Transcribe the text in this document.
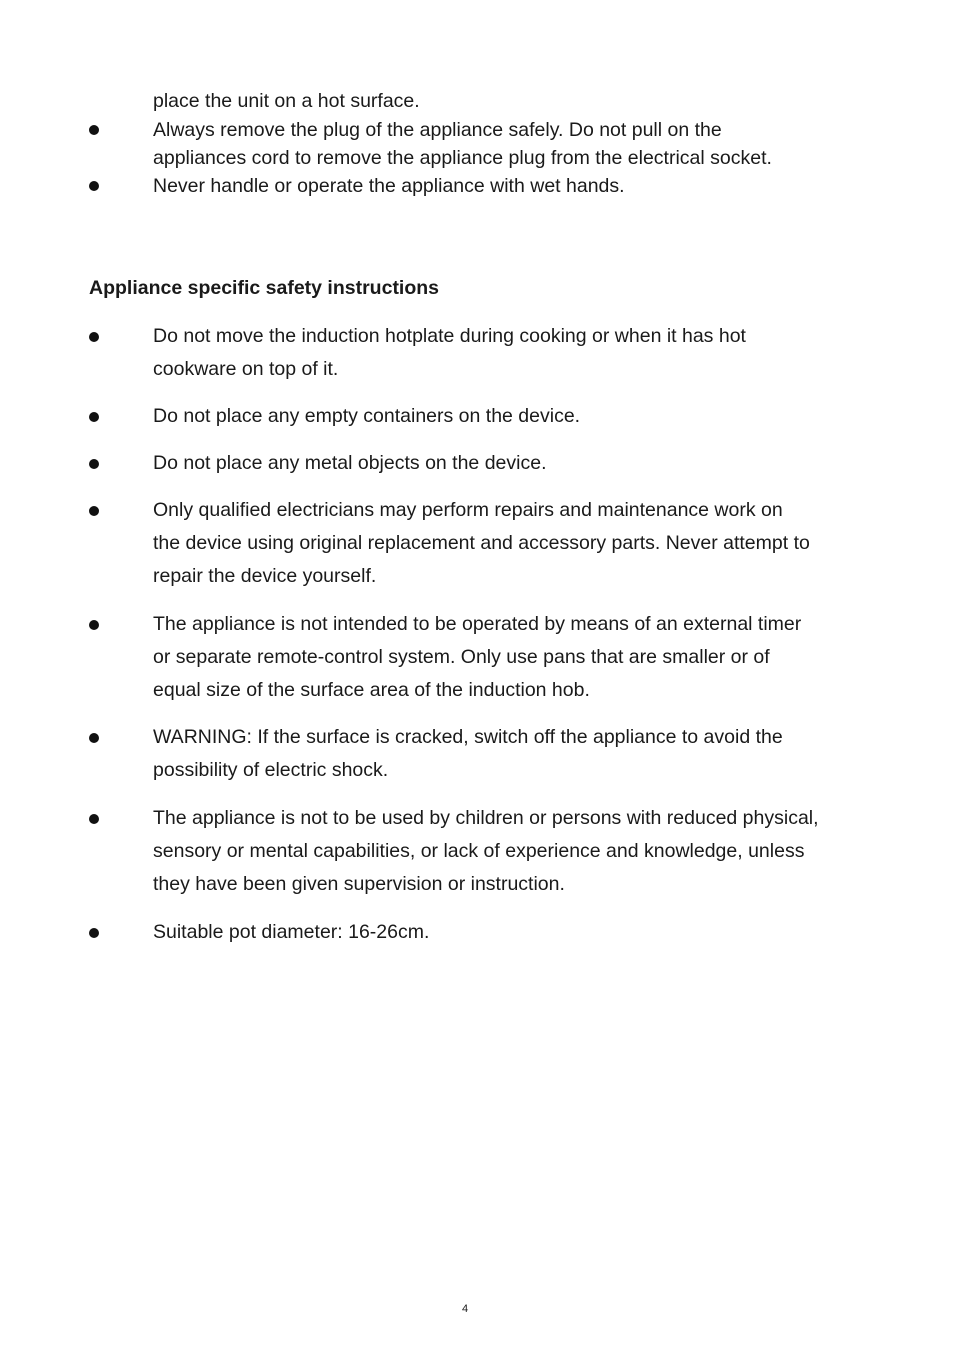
place the unit on a hot surface.
Always remove the plug of the appliance safely. Do not pull on the
appliances cord to remove the appliance plug from the electrical socket.
Never handle or operate the appliance with wet hands.
Appliance specific safety instructions

Do not move the induction hotplate during cooking or when it has hot

cookware on top of it.

Do not place any empty containers on the device.

Do not place any metal objects on the device.

Only qualified electricians may perform repairs and maintenance work on

the device using original replacement and accessory parts. Never attempt to

repair the device yourself.

The appliance is not intended to be operated by means of an external timer

or separate remote-control system. Only use pans that are smaller or of

equal size of the surface area of the induction hob.

WARNING: If the surface is cracked, switch off the appliance to avoid the

possibility of electric shock.

The appliance is not to be used by children or persons with reduced physical,

sensory or mental capabilities, or lack of experience and knowledge, unless

they have been given supervision or instruction.

Suitable pot diameter: 16-26cm.

4
